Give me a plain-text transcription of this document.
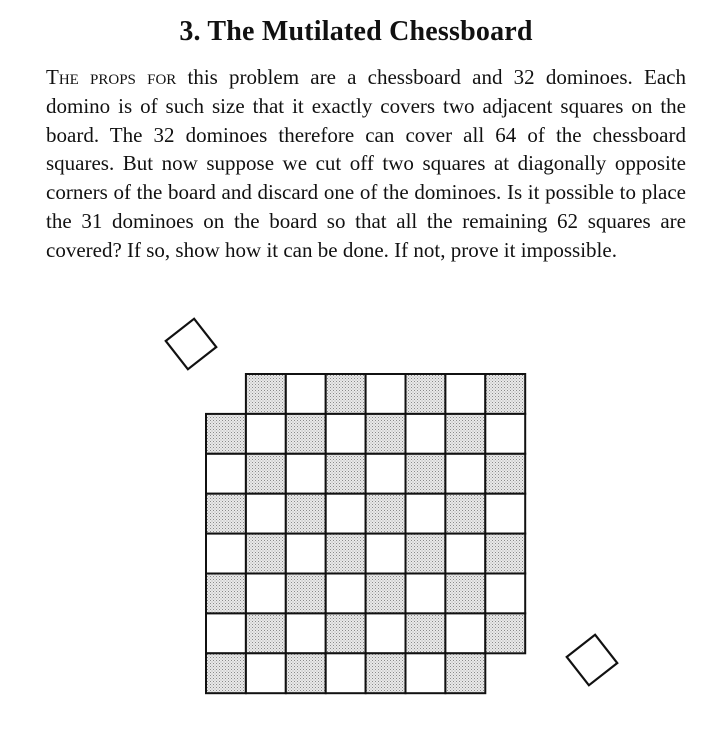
3. The Mutilated Chessboard

The props for this problem are a chessboard and 32 dominoes. Each domino is of such size that it exactly covers two adjacent squares on the board. The 32 dominoes therefore can cover all 64 of the chessboard squares. But now suppose we cut off two squares at diagonally opposite corners of the board and discard one of the dominoes. Is it possible to place the 31 dominoes on the board so that all the remaining 62 squares are covered? If so, show how it can be done. If not, prove it impossible.
